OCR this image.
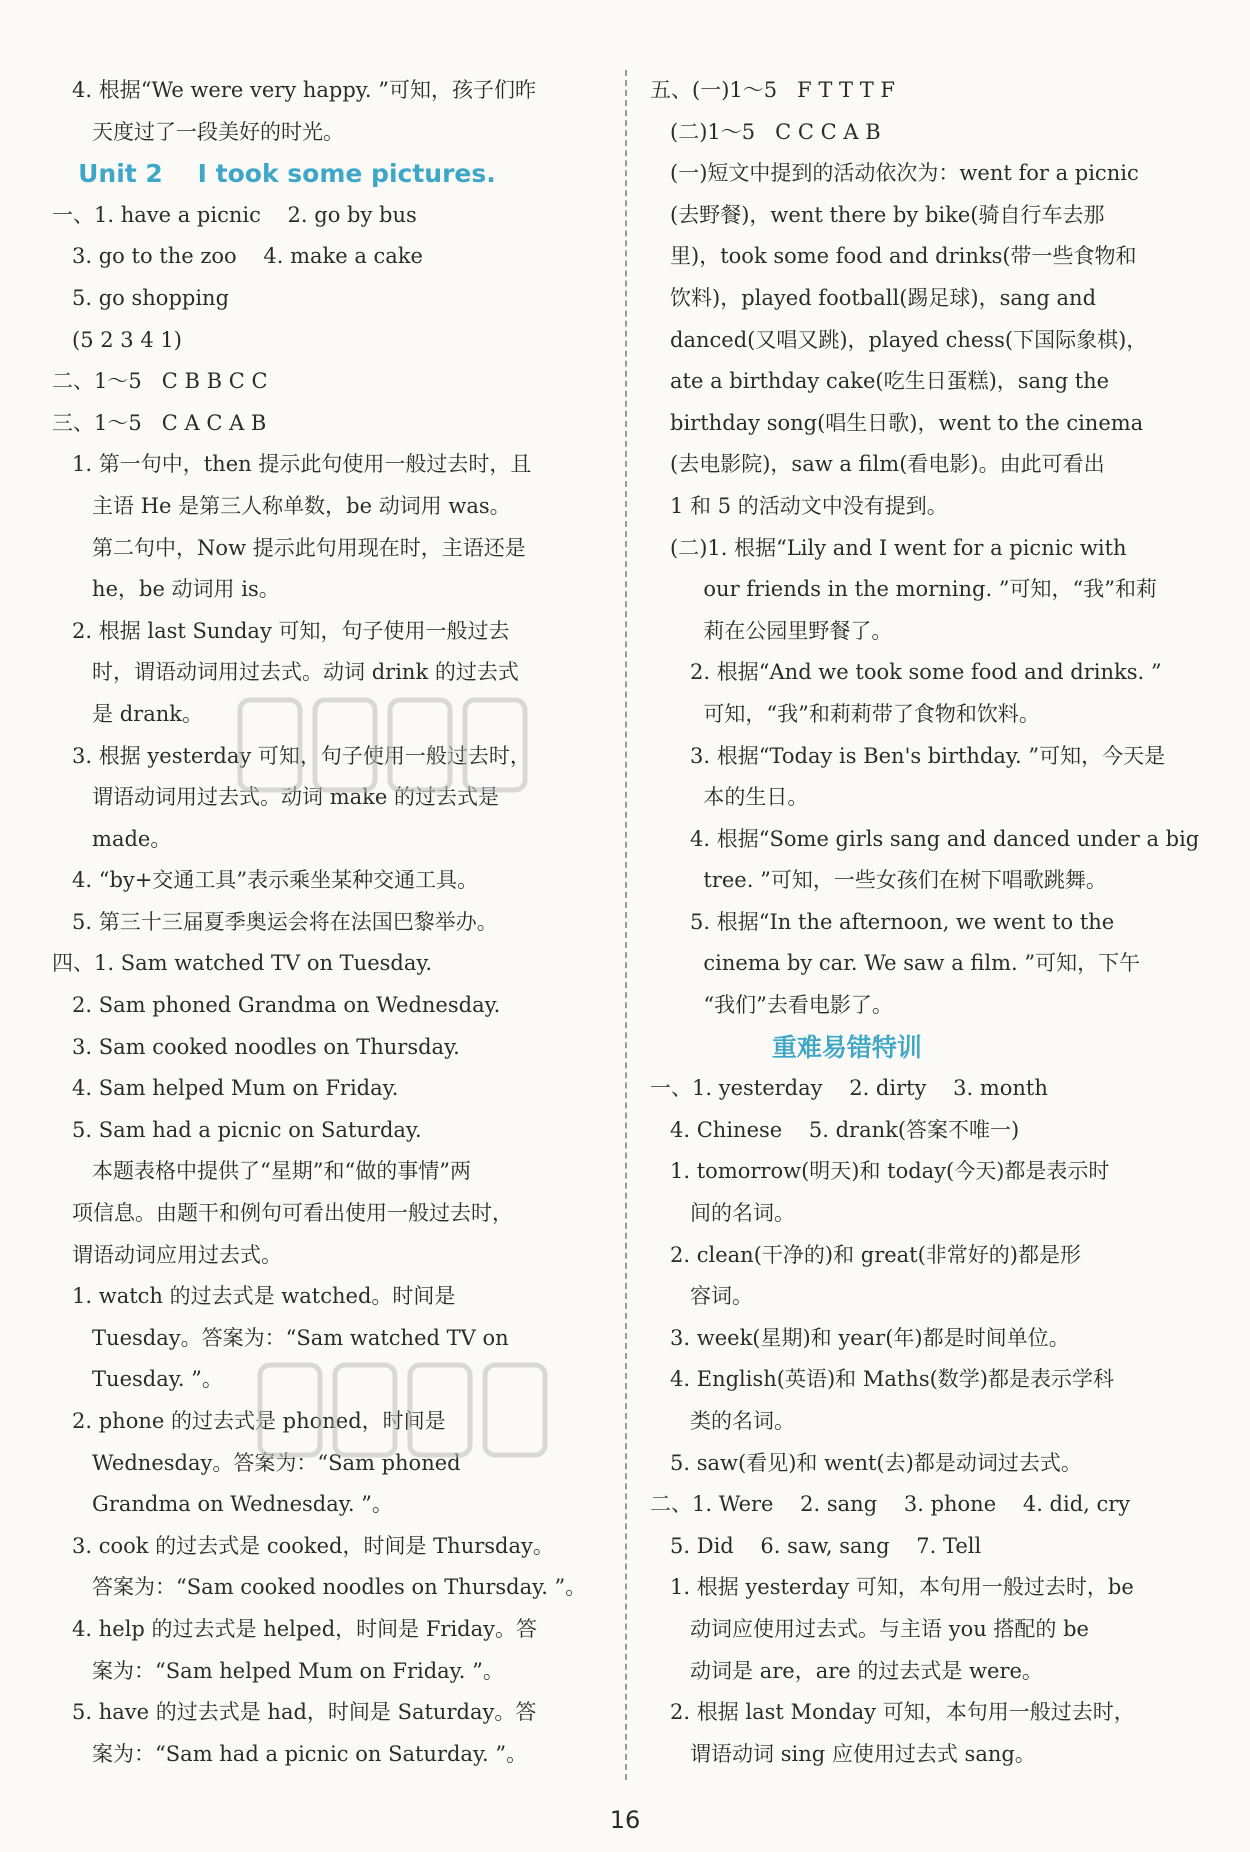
4. 根据“We were very happy. ”可知，孩子们昨
天度过了一段美好的时光。
Unit 2    I took some pictures.
一、1. have a picnic    2. go by bus
3. go to the zoo    4. make a cake
5. go shopping
(5 2 3 4 1)
二、1～5   C B B C C
三、1～5   C A C A B
1. 第一句中，then 提示此句使用一般过去时，且
主语 He 是第三人称单数，be 动词用 was。
第二句中，Now 提示此句用现在时，主语还是
he，be 动词用 is。
2. 根据 last Sunday 可知，句子使用一般过去
时，谓语动词用过去式。动词 drink 的过去式
是 drank。
3. 根据 yesterday 可知，句子使用一般过去时，
谓语动词用过去式。动词 make 的过去式是
made。
4. “by+交通工具”表示乘坐某种交通工具。
5. 第三十三届夏季奥运会将在法国巴黎举办。
四、1. Sam watched TV on Tuesday.
2. Sam phoned Grandma on Wednesday.
3. Sam cooked noodles on Thursday.
4. Sam helped Mum on Friday.
5. Sam had a picnic on Saturday.
本题表格中提供了“星期”和“做的事情”两
项信息。由题干和例句可看出使用一般过去时，
谓语动词应用过去式。
1. watch 的过去式是 watched。时间是
Tuesday。答案为：“Sam watched TV on
Tuesday. ”。
2. phone 的过去式是 phoned，时间是
Wednesday。答案为：“Sam phoned
Grandma on Wednesday. ”。
3. cook 的过去式是 cooked，时间是 Thursday。
答案为：“Sam cooked noodles on Thursday. ”。
4. help 的过去式是 helped，时间是 Friday。答
案为：“Sam helped Mum on Friday. ”。
5. have 的过去式是 had，时间是 Saturday。答
案为：“Sam had a picnic on Saturday. ”。
五、(一)1～5   F T T T F
(二)1～5   C C C A B
(一)短文中提到的活动依次为：went for a picnic
(去野餐)，went there by bike(骑自行车去那
里)，took some food and drinks(带一些食物和
饮料)，played football(踢足球)，sang and
danced(又唱又跳)，played chess(下国际象棋)，
ate a birthday cake(吃生日蛋糕)，sang the
birthday song(唱生日歌)，went to the cinema
(去电影院)，saw a film(看电影)。由此可看出
1 和 5 的活动文中没有提到。
(二)1. 根据“Lily and I went for a picnic with
our friends in the morning. ”可知，“我”和莉
莉在公园里野餐了。
2. 根据“And we took some food and drinks. ”
可知，“我”和莉莉带了食物和饮料。
3. 根据“Today is Ben's birthday. ”可知，今天是
本的生日。
4. 根据“Some girls sang and danced under a big
tree. ”可知，一些女孩们在树下唱歌跳舞。
5. 根据“In the afternoon, we went to the
cinema by car. We saw a film. ”可知，下午
“我们”去看电影了。
重难易错特训
一、1. yesterday    2. dirty    3. month
4. Chinese    5. drank(答案不唯一)
1. tomorrow(明天)和 today(今天)都是表示时
间的名词。
2. clean(干净的)和 great(非常好的)都是形
容词。
3. week(星期)和 year(年)都是时间单位。
4. English(英语)和 Maths(数学)都是表示学科
类的名词。
5. saw(看见)和 went(去)都是动词过去式。
二、1. Were    2. sang    3. phone    4. did, cry
5. Did    6. saw, sang    7. Tell
1. 根据 yesterday 可知，本句用一般过去时，be
动词应使用过去式。与主语 you 搭配的 be
动词是 are，are 的过去式是 were。
2. 根据 last Monday 可知，本句用一般过去时，
谓语动词 sing 应使用过去式 sang。
16
